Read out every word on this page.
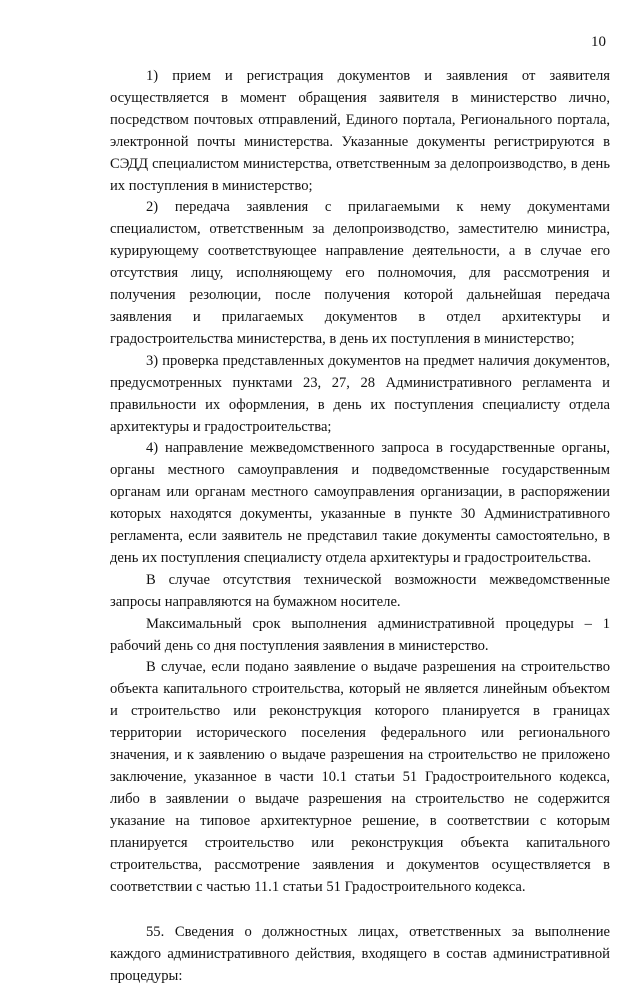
10

1) прием и регистрация документов и заявления от заявителя осуществляется в момент обращения заявителя в министерство лично, посредством почтовых отправлений, Единого портала, Регионального портала, электронной почты министерства. Указанные документы регистрируются в СЭДД специалистом министерства, ответственным за делопроизводство, в день их поступления в министерство;

2) передача заявления с прилагаемыми к нему документами специалистом, ответственным за делопроизводство, заместителю министра, курирующему соответствующее направление деятельности, а в случае его отсутствия лицу, исполняющему его полномочия, для рассмотрения и получения резолюции, после получения которой дальнейшая передача заявления и прилагаемых документов в отдел архитектуры и градостроительства министерства, в день их поступления в министерство;

3) проверка представленных документов на предмет наличия документов, предусмотренных пунктами 23, 27, 28 Административного регламента и правильности их оформления, в день их поступления специалисту отдела архитектуры и градостроительства;

4) направление межведомственного запроса в государственные органы, органы местного самоуправления и подведомственные государственным органам или органам местного самоуправления организации, в распоряжении которых находятся документы, указанные в пункте 30 Административного регламента, если заявитель не представил такие документы самостоятельно, в день их поступления специалисту отдела архитектуры и градостроительства.

В случае отсутствия технической возможности межведомственные запросы направляются на бумажном носителе.

Максимальный срок выполнения административной процедуры – 1 рабочий день со дня поступления заявления в министерство.

В случае, если подано заявление о выдаче разрешения на строительство объекта капитального строительства, который не является линейным объектом и строительство или реконструкция которого планируется в границах территории исторического поселения федерального или регионального значения, и к заявлению о выдаче разрешения на строительство не приложено заключение, указанное в части 10.1 статьи 51 Градостроительного кодекса, либо в заявлении о выдаче разрешения на строительство не содержится указание на типовое архитектурное решение, в соответствии с которым планируется строительство или реконструкция объекта капитального строительства, рассмотрение заявления и документов осуществляется в соответствии с частью 11.1 статьи 51 Градостроительного кодекса.

55. Сведения о должностных лицах, ответственных за выполнение каждого административного действия, входящего в состав административной процедуры:
